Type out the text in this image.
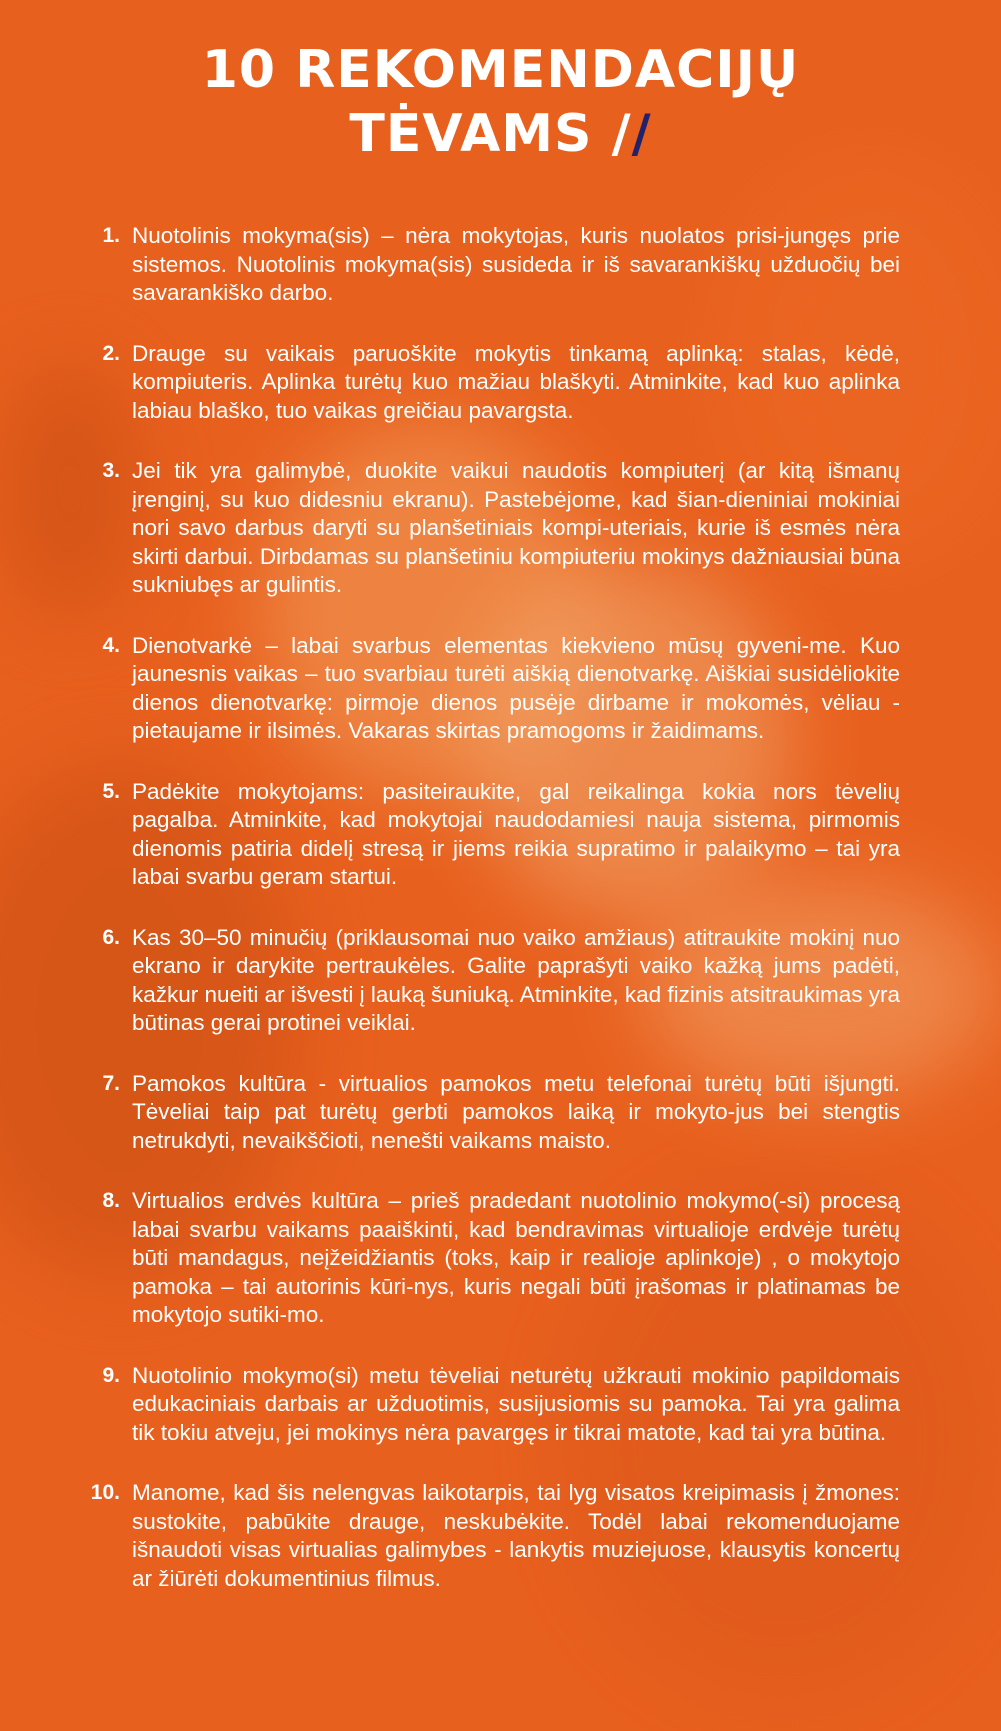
10 REKOMENDACIJŲ
TĖVAMS //
1. Nuotolinis mokyma(sis) – nėra mokytojas, kuris nuolatos prisi-jungęs prie sistemos. Nuotolinis mokyma(sis) susideda ir iš savarankiškų užduočių bei savarankiško darbo.
2. Drauge su vaikais paruoškite mokytis tinkamą aplinką: stalas, kėdė, kompiuteris. Aplinka turėtų kuo mažiau blaškyti. Atminkite, kad kuo aplinka labiau blaško, tuo vaikas greičiau pavargsta.
3. Jei tik yra galimybė, duokite vaikui naudotis kompiuterį (ar kitą išmanų įrenginį, su kuo didesniu ekranu). Pastebėjome, kad šian-dieniniai mokiniai nori savo darbus daryti su planšetiniais kompi-uteriais, kurie iš esmės nėra skirti darbui. Dirbdamas su planšetiniu kompiuteriu mokinys dažniausiai būna sukniubęs ar gulintis.
4. Dienotvarkė – labai svarbus elementas kiekvieno mūsų gyveni-me. Kuo jaunesnis vaikas – tuo svarbiau turėti aiškią dienotvarkę. Aiškiai susidėliokite dienos dienotvarkę: pirmoje dienos pusėje dirbame ir mokomės, vėliau - pietaujame ir ilsimės. Vakaras skirtas pramogoms ir žaidimams.
5. Padėkite mokytojams: pasiteiraukite, gal reikalinga kokia nors tėvelių pagalba. Atminkite, kad mokytojai naudodamiesi nauja sistema, pirmomis dienomis patiria didelį stresą ir jiems reikia supratimo ir palaikymo – tai yra labai svarbu geram startui.
6. Kas 30–50 minučių (priklausomai nuo vaiko amžiaus) atitraukite mokinį nuo ekrano ir darykite pertraukėles. Galite paprašyti vaiko kažką jums padėti, kažkur nueiti ar išvesti į lauką šuniuką. Atminkite, kad fizinis atsitraukimas yra būtinas gerai protinei veiklai.
7. Pamokos kultūra - virtualios pamokos metu telefonai turėtų būti išjungti. Tėveliai taip pat turėtų gerbti pamokos laiką ir mokyto-jus bei stengtis netrukdyti, nevaikščioti, nenešti vaikams maisto.
8. Virtualios erdvės kultūra – prieš pradedant nuotolinio mokymo(-si) procesą labai svarbu vaikams paaiškinti, kad bendravimas virtualioje erdvėje turėtų būti mandagus, neįžeidžiantis (toks, kaip ir realioje aplinkoje) , o mokytojo pamoka – tai autorinis kūri-nys, kuris negali būti įrašomas ir platinamas be mokytojo sutiki-mo.
9. Nuotolinio mokymo(si) metu tėveliai neturėtų užkrauti mokinio papildomais edukaciniais darbais ar užduotimis, susijusiomis su pamoka. Tai yra galima tik tokiu atveju, jei mokinys nėra pavargęs ir tikrai matote, kad tai yra būtina.
10. Manome, kad šis nelengvas laikotarpis, tai lyg visatos kreipimasis į žmones: sustokite, pabūkite drauge, neskubėkite. Todėl labai rekomenduojame išnaudoti visas virtualias galimybes - lankytis muziejuose, klausytis koncertų ar žiūrėti dokumentinius filmus.
